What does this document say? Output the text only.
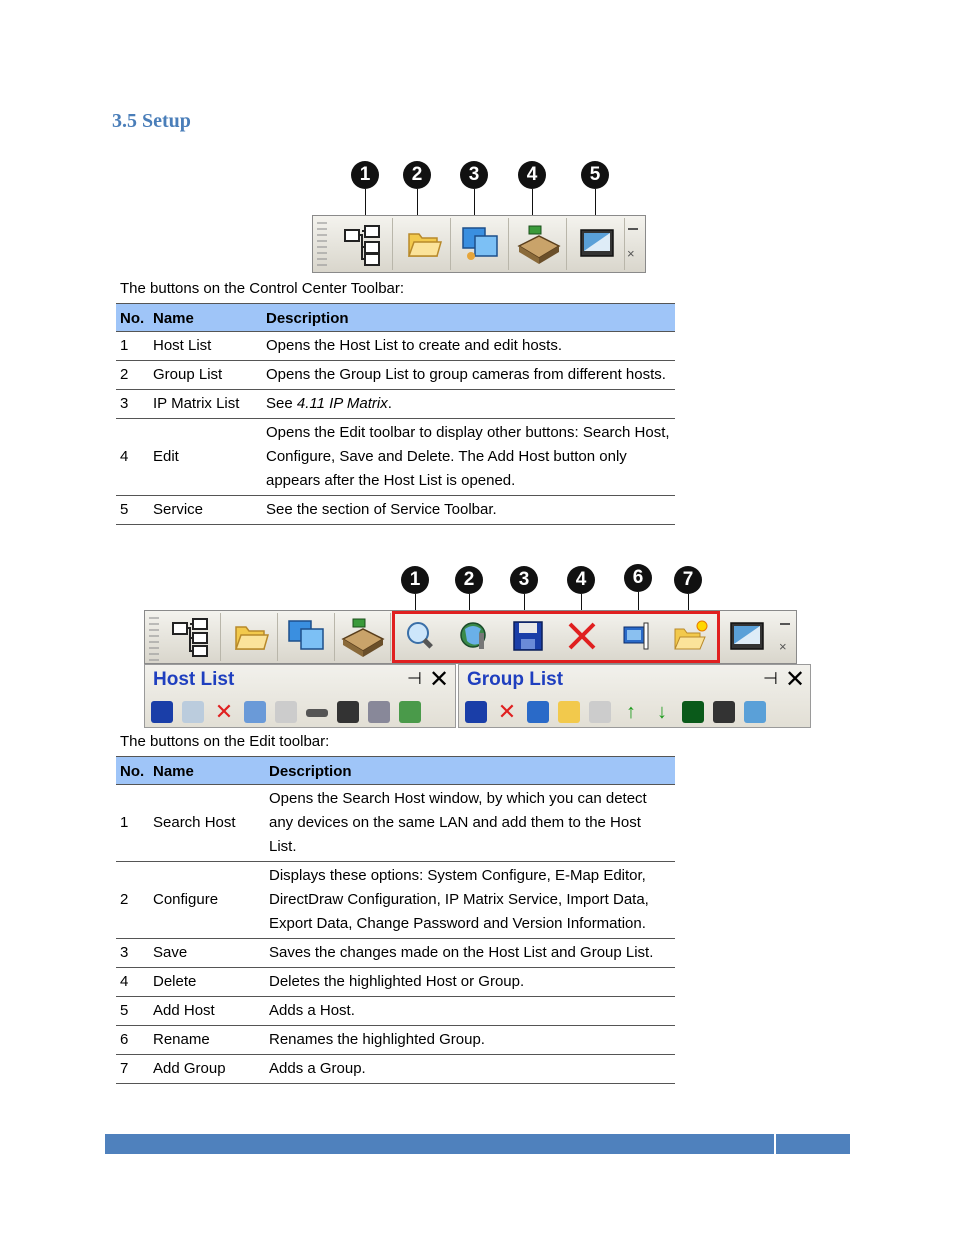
3.5 Setup
1	2	3	4	5
×
The buttons on the Control Center Toolbar:
No.	Name	Description
1	Host List	Opens the Host List to create and edit hosts.
2	Group List	Opens the Group List to group cameras from different hosts.
3	IP Matrix List	See 4.11 IP Matrix.
4	Edit	Opens the Edit toolbar to display other buttons: Search Host, Configure, Save and Delete. The Add Host button only appears after the Host List is opened.
5	Service	See the section of Service Toolbar.
1	2	3	4	6	7
×
Host List	⊣ ✕
✕
Group List	⊣ ✕
✕	↑	↓
The buttons on the Edit toolbar:
No.	Name	Description
1	Search Host	Opens the Search Host window, by which you can detect any devices on the same LAN and add them to the Host List.
2	Configure	Displays these options: System Configure, E-Map Editor, DirectDraw Configuration, IP Matrix Service, Import Data, Export Data, Change Password and Version Information.
3	Save	Saves the changes made on the Host List and Group List.
4	Delete	Deletes the highlighted Host or Group.
5	Add Host	Adds a Host.
6	Rename	Renames the highlighted Group.
7	Add Group	Adds a Group.
